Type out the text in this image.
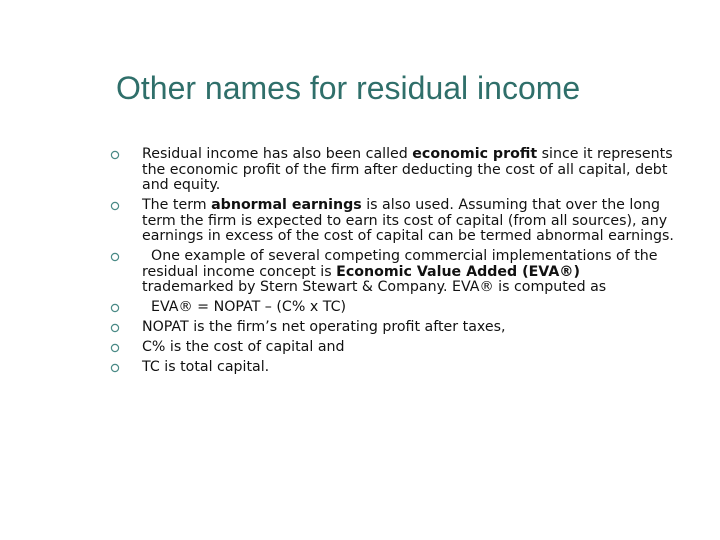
Other names for residual income
Residual income has also been called economic profit since it represents the economic profit of the firm after deducting the cost of all capital, debt and equity.
The term abnormal earnings is also used. Assuming that over the long term the firm is expected to earn its cost of capital (from all sources), any earnings in excess of the cost of capital can be termed abnormal earnings.
One example of several competing commercial implementations of the residual income concept is Economic Value Added (EVA®) trademarked by Stern Stewart & Company. EVA® is computed as
EVA® = NOPAT – (C% x TC)
NOPAT is the firm’s net operating profit after taxes,
C% is the cost of capital and
TC is total capital.
